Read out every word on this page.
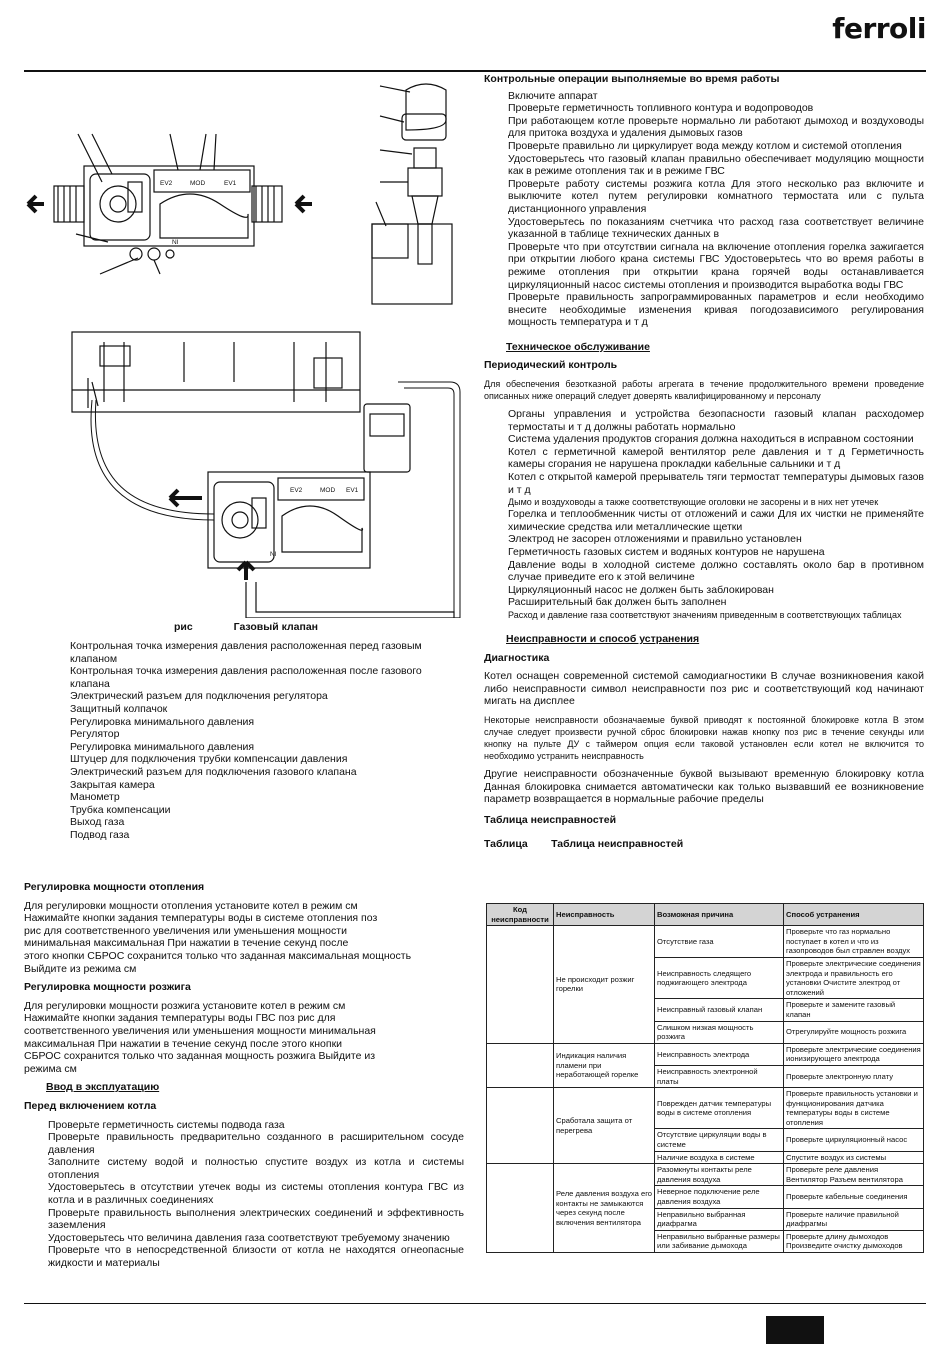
ferroli
MOD	EV1
EV2
NI
EV2	MOD EV1
NI
рис	Газовый клапан

Контрольная точка измерения давления расположенная перед газовым клапаном

Контрольная точка измерения давления расположенная после газового клапана

Электрический разъем для подключения регулятора

Защитный колпачок

Регулировка минимального давления

Регулятор

Регулировка минимального давления

Штуцер для подключения трубки компенсации давления

Электрический разъем для подключения газового клапана

Закрытая камера

Манометр

Трубка компенсации

Выход газа

Подвод газа

Регулировка мощности отопления

Для регулировки мощности отопления установите котел в режим см

Нажимайте кнопки задания температуры воды в системе отопления поз

рис для соответственного увеличения или уменьшения мощности

минимальная максимальная При нажатии в течение секунд после

этого кнопки СБРОС сохранится только что заданная максимальная мощность

Выйдите из режима см

Регулировка мощности розжига

Для регулировки мощности розжига установите котел в режим см

Нажимайте кнопки задания температуры воды ГВС поз рис для

соответственного увеличения или уменьшения мощности минимальная

максимальная При нажатии в течение секунд после этого кнопки

СБРОС сохранится только что заданная мощность розжига Выйдите из

режима см

Ввод в эксплуатацию

Перед включением котла

Проверьте герметичность системы подвода газа

Проверьте правильность предварительно созданного в расширительном сосуде давления

Заполните систему водой и полностью спустите воздух из котла и системы отопления

Удостоверьтесь в отсутствии утечек воды из системы отопления контура ГВС из котла и в различных соединениях

Проверьте правильность выполнения электрических соединений и эффективность заземления

Удостоверьтесь что величина давления газа соответствуют требуемому значению

Проверьте что в непосредственной близости от котла не находятся огнеопасные жидкости и материалы

Контрольные операции выполняемые во время работы

Включите аппарат

Проверьте герметичность топливного контура и водопроводов

При работающем котле проверьте нормально ли работают дымоход и воздуховоды для притока воздуха и удаления дымовых газов

Проверьте правильно ли циркулирует вода между котлом и системой отопления

Удостоверьтесь что газовый клапан правильно обеспечивает модуляцию мощности как в режиме отопления так и в режиме ГВС

Проверьте работу системы розжига котла Для этого несколько раз включите и выключите котел путем регулировки комнатного термостата или с пульта дистанционного управления

Удостоверьтесь по показаниям счетчика что расход газа соответствует величине указанной в таблице технических данных в

Проверьте что при отсутствии сигнала на включение отопления горелка зажигается при открытии любого крана системы ГВС Удостоверьтесь что во время работы в режиме отопления при открытии крана горячей воды останавливается циркуляционный насос системы отопления и производится выработка воды ГВС

Проверьте правильность запрограммированных параметров и если необходимо внесите необходимые изменения кривая погодозависимого регулирования мощность температура и т д

Техническое обслуживание

Периодический контроль

Для обеспечения безотказной работы агрегата в течение продолжительного времени проведение описанных ниже операций следует доверять квалифицированному и персоналу

Органы управления и устройства безопасности газовый клапан расходомер термостаты и т д должны работать нормально

Система удаления продуктов сгорания должна находиться в исправном состоянии

Котел с герметичной камерой вентилятор реле давления и т д Герметичность камеры сгорания не нарушена прокладки кабельные сальники и т д

Котел с открытой камерой прерыватель тяги термостат температуры дымовых газов и т д

Дымо и воздуховоды а также соответствующие оголовки не засорены и в них нет утечек

Горелка и теплообменник чисты от отложений и сажи Для их чистки не применяйте химические средства или металлические щетки

Электрод не засорен отложениями и правильно установлен

Герметичность газовых систем и водяных контуров не нарушена

Давление воды в холодной системе должно составлять около бар в противном случае приведите его к этой величине

Циркуляционный насос не должен быть заблокирован

Расширительный бак должен быть заполнен

Расход и давление газа соответствуют значениям приведенным в соответствующих таблицах

Неисправности и способ устранения

Диагностика

Котел оснащен современной системой самодиагностики В случае возникновения какой либо неисправности символ неисправности поз рис и соответствующий код начинают мигать на дисплее

Некоторые неисправности обозначаемые буквой приводят к постоянной блокировке котла В этом случае следует произвести ручной сброс блокировки нажав кнопку поз рис в течение секунды или кнопку на пульте ДУ с таймером опция если таковой установлен если котел не включится то необходимо устранить неисправность

Другие неисправности обозначенные буквой вызывают временную блокировку котла Данная блокировка снимается автоматически как только вызвавший ее возникновение параметр возвращается в нормальные рабочие пределы

Таблица неисправностей

Таблица Таблица неисправностей

Код неисправности	Неисправность	Возможная причина	Способ устранения
	Не происходит розжиг горелки	Отсутствие газа	Проверьте что газ нормально поступает в котел и что из газопроводов был стравлен воздух
		Неисправность следящего поджигающего электрода	Проверьте электрические соединения электрода и правильность его установки Очистите электрод от отложений
		Неисправный газовый клапан	Проверьте и замените газовый клапан
		Слишком низкая мощность розжига	Отрегулируйте мощность розжига
	Индикация наличия пламени при неработающей горелке	Неисправность электрода	Проверьте электрические соединения ионизирующего электрода
		Неисправность электронной платы	Проверьте электронную плату
	Сработала защита от перегрева	Поврежден датчик температуры воды в системе отопления	Проверьте правильность установки и функционирования датчика температуры воды в системе отопления
		Отсутствие циркуляции воды в системе	Проверьте циркуляционный насос
		Наличие воздуха в системе	Спустите воздух из системы
	Реле давления воздуха его контакты не замыкаются через секунд после включения вентилятора	Разомкнуты контакты реле давления воздуха	Проверьте реле давления Вентилятор Разъем вентилятора
		Неверное подключение реле давления воздуха	Проверьте кабельные соединения
		Неправильно выбранная диафрагма	Проверьте наличие правильной диафрагмы
		Неправильно выбранные размеры или забивание дымохода	Проверьте длину дымоходов Произведите очистку дымоходов
